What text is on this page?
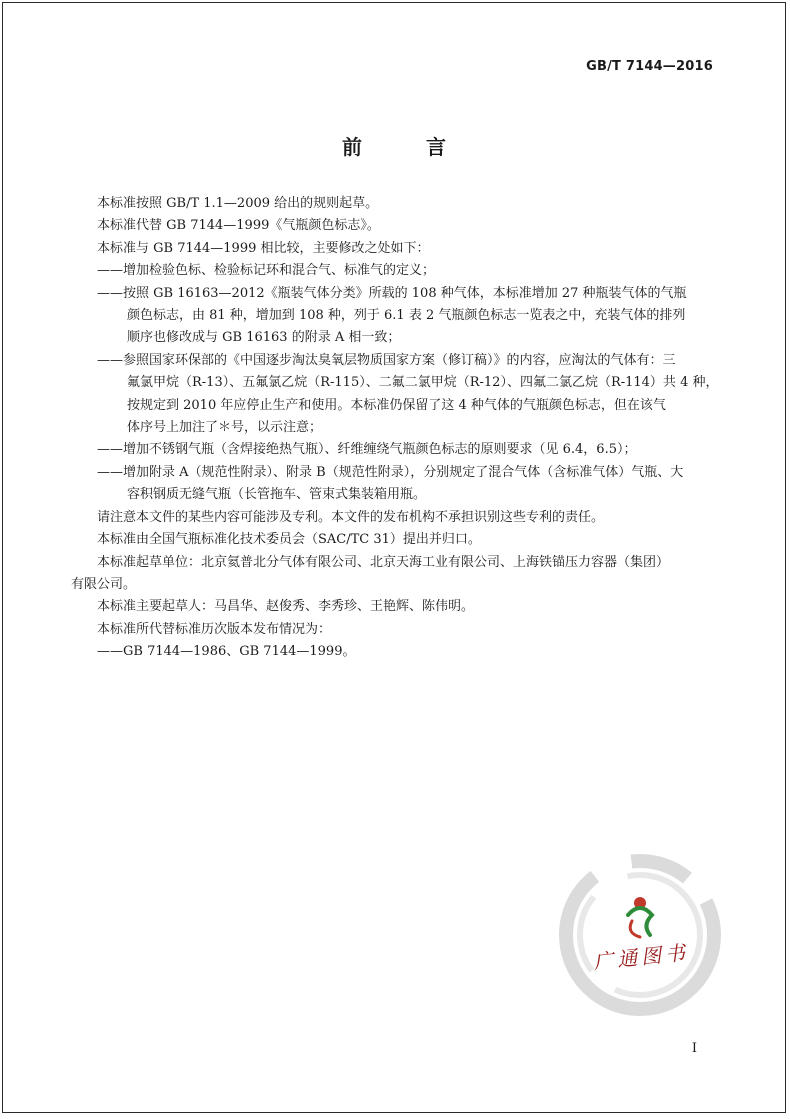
GB/T 7144—2016
前　言

本标准按照 GB/T 1.1—2009 给出的规则起草。

本标准代替 GB 7144—1999《气瓶颜色标志》。

本标准与 GB 7144—1999 相比较，主要修改之处如下：

——增加检验色标、检验标记环和混合气、标准气的定义；

——按照 GB 16163—2012《瓶装气体分类》所载的 108 种气体，本标准增加 27 种瓶装气体的气瓶

颜色标志，由 81 种，增加到 108 种，列于 6.1 表 2 气瓶颜色标志一览表之中，充装气体的排列

顺序也修改成与 GB 16163 的附录 A 相一致；

——参照国家环保部的《中国逐步淘汰臭氧层物质国家方案（修订稿）》的内容，应淘汰的气体有：三

氟氯甲烷（R-13）、五氟氯乙烷（R-115）、二氟二氯甲烷（R-12）、四氟二氯乙烷（R-114）共 4 种，

按规定到 2010 年应停止生产和使用。本标准仍保留了这 4 种气体的气瓶颜色标志，但在该气

体序号上加注了＊号，以示注意；

——增加不锈钢气瓶（含焊接绝热气瓶）、纤维缠绕气瓶颜色标志的原则要求（见 6.4，6.5）；

——增加附录 A（规范性附录）、附录 B（规范性附录），分别规定了混合气体（含标准气体）气瓶、大

容积钢质无缝气瓶（长管拖车、管束式集装箱用瓶。

请注意本文件的某些内容可能涉及专利。本文件的发布机构不承担识别这些专利的责任。

本标准由全国气瓶标准化技术委员会（SAC/TC 31）提出并归口。

本标准起草单位：北京氦普北分气体有限公司、北京天海工业有限公司、上海铁锚压力容器（集团）

有限公司。

本标准主要起草人：马昌华、赵俊秀、李秀珍、王艳辉、陈伟明。

本标准所代替标准历次版本发布情况为：

——GB 7144—1986、GB 7144—1999。

广通图书
I
